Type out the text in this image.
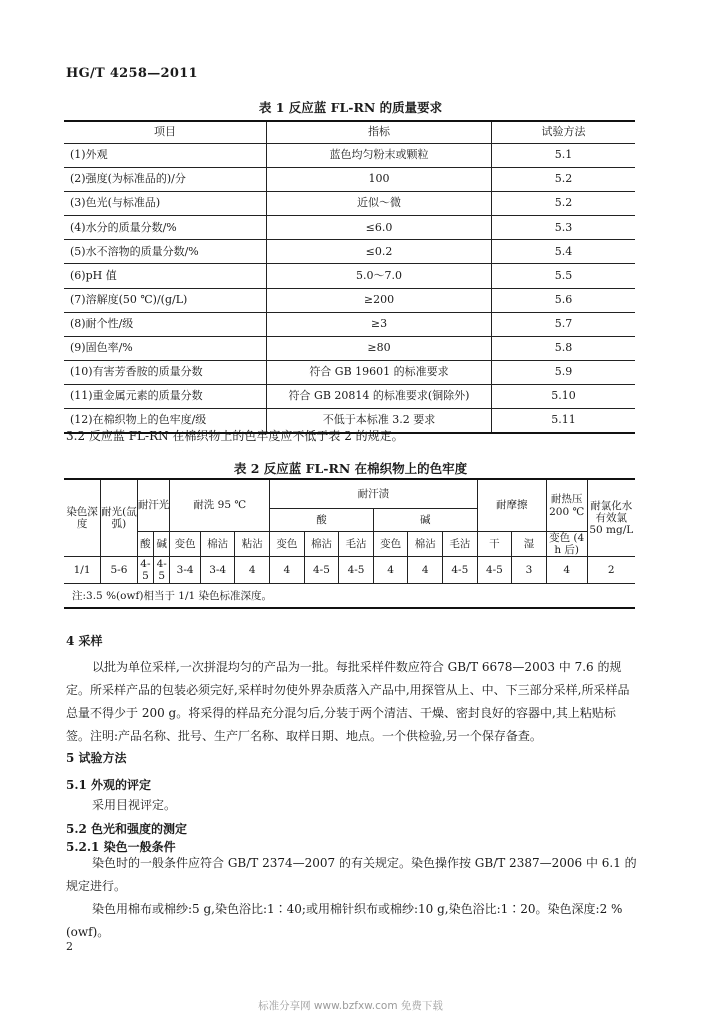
HG/T 4258—2011
表 1 反应蓝 FL-RN 的质量要求
项目	指标	试验方法
(1)外观	蓝色均匀粉末或颗粒	5.1
(2)强度(为标准品的)/分	100	5.2
(3)色光(与标准品)	近似～微	5.2
(4)水分的质量分数/%	≤6.0	5.3
(5)水不溶物的质量分数/%	≤0.2	5.4
(6)pH 值	5.0～7.0	5.5
(7)溶解度(50 ℃)/(g/L)	≥200	5.6
(8)耐个性/级	≥3	5.7
(9)固色率/%	≥80	5.8
(10)有害芳香胺的质量分数	符合 GB 19601 的标准要求	5.9
(11)重金属元素的质量分数	符合 GB 20814 的标准要求(铜除外)	5.10
(12)在棉织物上的色牢度/级	不低于本标准 3.2 要求	5.11
3.2 反应蓝 FL-RN 在棉织物上的色牢度应不低于表 2 的规定。
表 2 反应蓝 FL-RN 在棉织物上的色牢度
染色深度	耐光(氙弧)	耐汗光		耐洗 95 ℃			耐汗渍						耐摩擦		耐热压 200 ℃	耐氯化水 有效氯 50 mg/L
							酸			碱						
		酸	碱	变色	棉沾	粘沾	变色	棉沾	毛沾	变色	棉沾	毛沾	干	湿	变色 (4 h 后)	
1/1	5-6	4-5	4-5	3-4	3-4	4	4	4-5	4-5	4	4	4-5	4-5	3	4	2
注:3.5 %(owf)相当于 1/1 染色标准深度。																
4 采样
以批为单位采样,一次拼混均匀的产品为一批。每批采样件数应符合 GB/T 6678—2003 中 7.6 的规定。所采样产品的包装必须完好,采样时勿使外界杂质落入产品中,用探管从上、中、下三部分采样,所采样品总量不得少于 200 g。将采得的样品充分混匀后,分装于两个清洁、干燥、密封良好的容器中,其上粘贴标签。注明:产品名称、批号、生产厂名称、取样日期、地点。一个供检验,另一个保存备查。
5 试验方法
5.1 外观的评定
采用目视评定。
5.2 色光和强度的测定
5.2.1 染色一般条件
染色时的一般条件应符合 GB/T 2374—2007 的有关规定。染色操作按 GB/T 2387—2006 中 6.1 的规定进行。
染色用棉布或棉纱:5 g,染色浴比:1∶40;或用棉针织布或棉纱:10 g,染色浴比:1∶20。染色深度:2 %(owf)。
2
标准分享网 www.bzfxw.com 免费下载
